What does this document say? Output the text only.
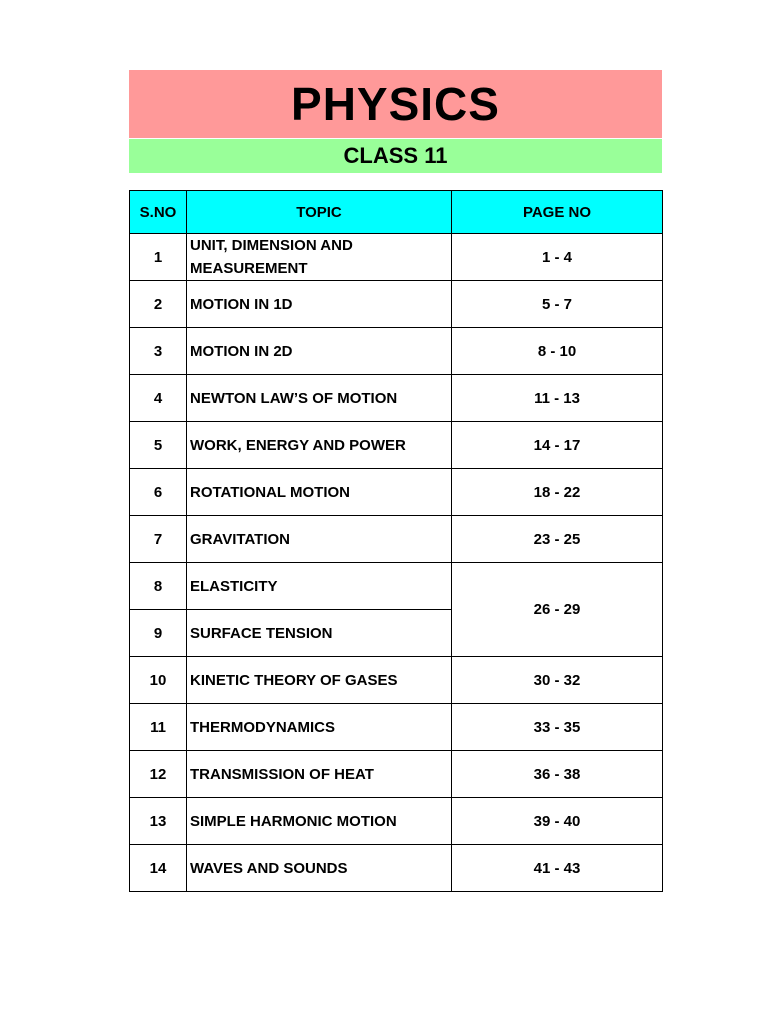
PHYSICS
CLASS 11
S.NO	TOPIC	PAGE NO
1	UNIT, DIMENSION AND MEASUREMENT	1 - 4
2	MOTION IN 1D	5 - 7
3	MOTION IN 2D	8 - 10
4	NEWTON LAW’S OF MOTION	11 - 13
5	WORK, ENERGY AND POWER	14 - 17
6	ROTATIONAL MOTION	18 - 22
7	GRAVITATION	23 - 25
8	ELASTICITY	26 - 29
9	SURFACE TENSION	
10	KINETIC THEORY OF GASES	30 - 32
11	THERMODYNAMICS	33 - 35
12	TRANSMISSION OF HEAT	36 - 38
13	SIMPLE HARMONIC MOTION	39 - 40
14	WAVES AND SOUNDS	41 - 43
